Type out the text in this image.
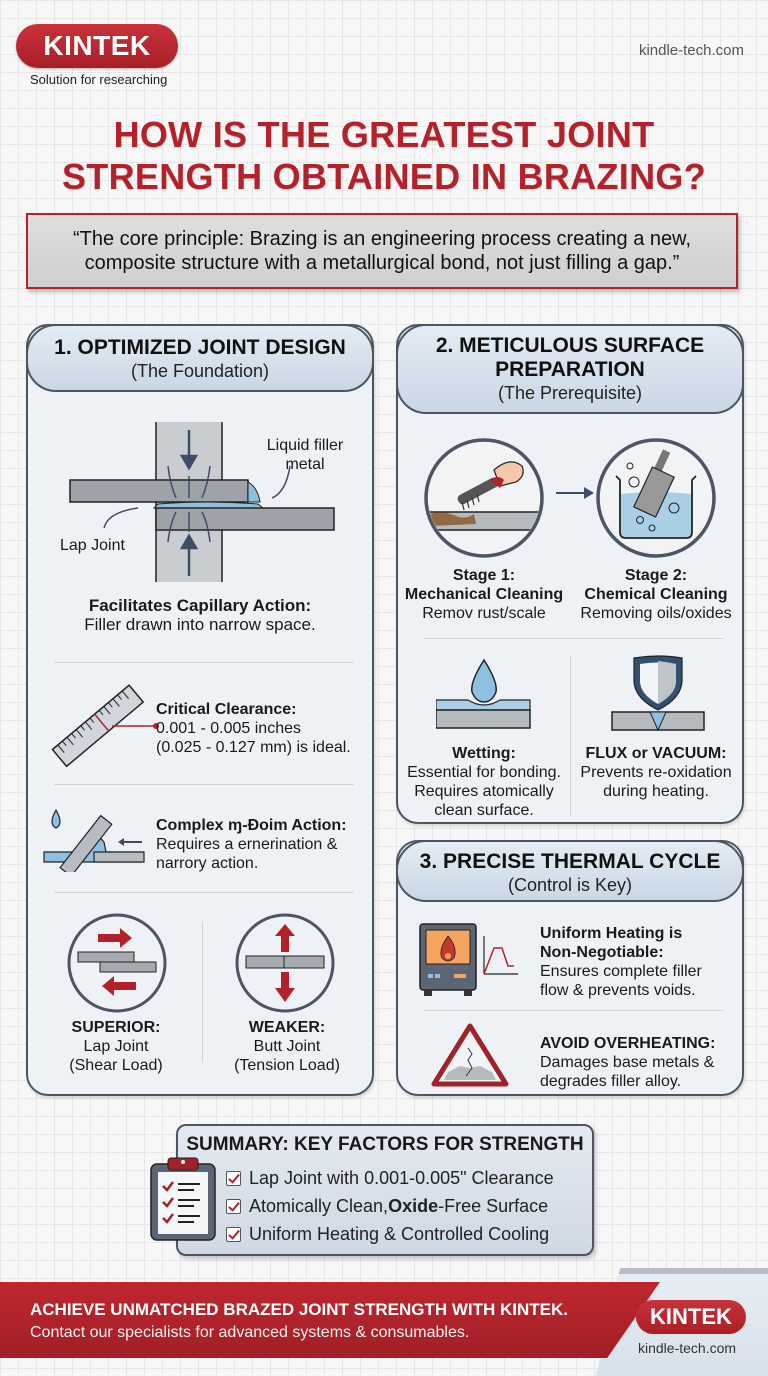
KINTEK
Solution for researching
kindle-tech.com
HOW IS THE GREATEST JOINT
STRENGTH OBTAINED IN BRAZING?
“The core principle: Brazing is an engineering process creating a new,
composite structure with a metallurgical bond, not just filling a gap.”
1. OPTIMIZED JOINT DESIGN
(The Foundation)
Liquid filler
metal
Lap Joint
Facilitates Capillary Action:
Filler drawn into narrow space.
Critical Clearance:
0.001 - 0.005 inches
(0.025 - 0.127 mm) is ideal.
Complex ɱ-Đoim Action:
Requires a ernerination &
narrory action.
SUPERIOR:
Lap Joint
(Shear Load)
WEAKER:
Butt Joint
(Tension Load)
2. METICULOUS SURFACE
PREPARATION
(The Prerequisite)
Stage 1:
Mechanical Cleaning
Remov rust/scale
Stage 2:
Chemical Cleaning
Removing oils/oxides
Wetting:
Essential for bonding.
Requires atomically
clean surface.
FLUX or VACUUM:
Prevents re-oxidation
during heating.
3. PRECISE THERMAL CYCLE
(Control is Key)
Uniform Heating is
Non-Negotiable:
Ensures complete filler
flow & prevents voids.
AVOID OVERHEATING:
Damages base metals &
degrades filler alloy.
SUMMARY: KEY FACTORS FOR STRENGTH
Lap Joint with 0.001-0.005" Clearance
Atomically Clean, Oxide -Free Surface
Uniform Heating & Controlled Cooling
ACHIEVE UNMATCHED BRAZED JOINT STRENGTH WITH KINTEK.
Contact our specialists for advanced systems & consumables.
KINTEK
kindle-tech.com
